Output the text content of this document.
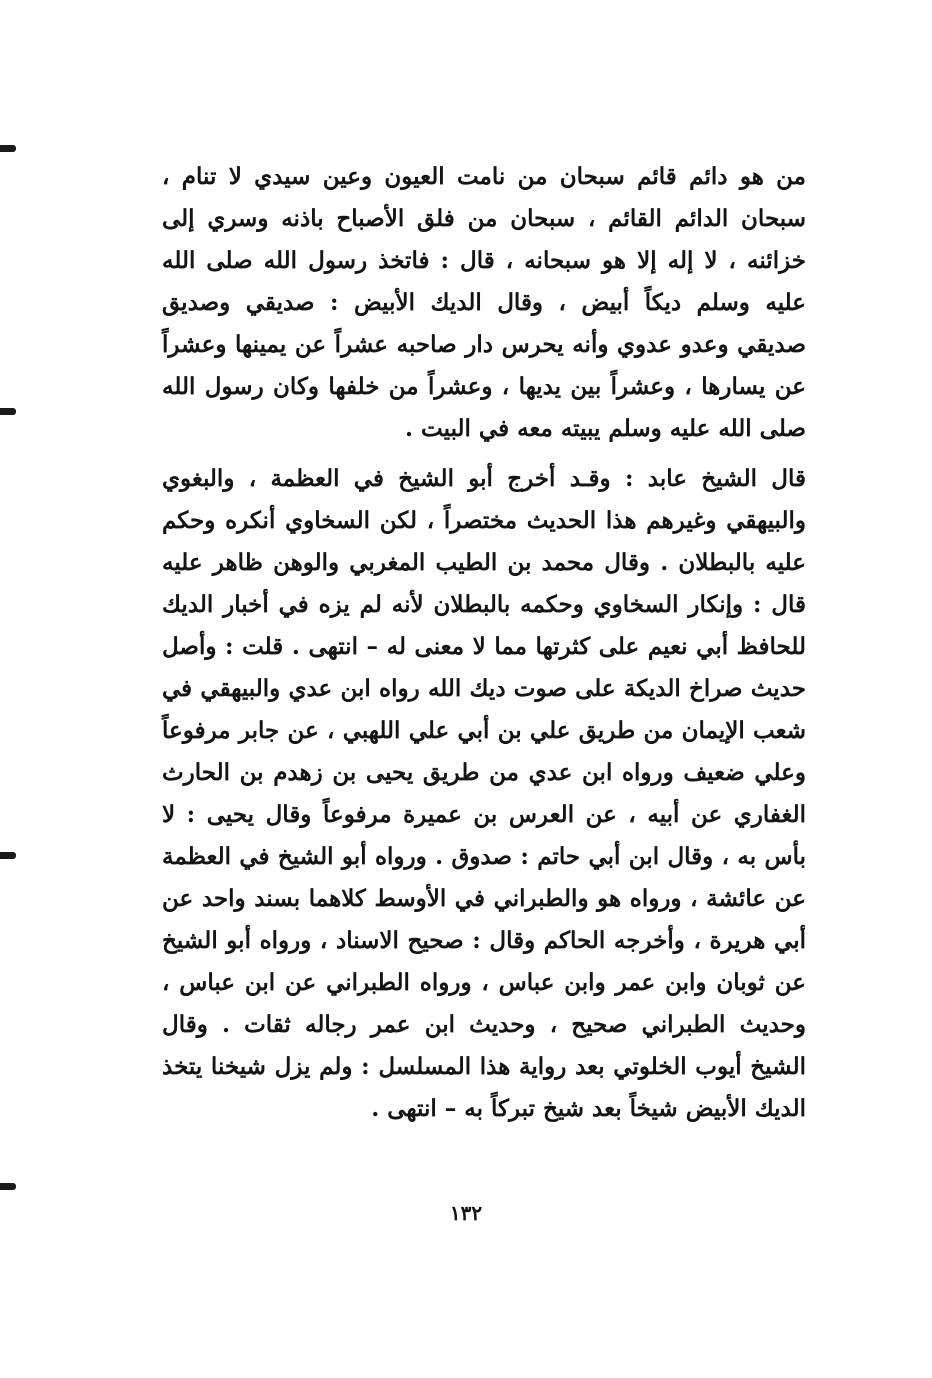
من هو دائم قائم سبحان من نامت العيون وعين سيدي لا تنام ، سبحان الدائم القائم ، سبحان من فلق الأصباح باذنه وسري إلى خزائنه ، لا إله إلا هو سبحانه ، قال : فاتخذ رسول الله صلى الله عليه وسلم ديكاً أبيض ، وقال الديك الأبيض : صديقي وصديق صديقي وعدو عدوي وأنه يحرس دار صاحبه عشراً عن يمينها وعشراً عن يسارها ، وعشراً بين يديها ، وعشراً من خلفها وكان رسول الله صلى الله عليه وسلم يبيته معه في البيت .

قال الشيخ عابد : وقـد أخرج أبو الشيخ في العظمة ، والبغوي والبيهقي وغيرهم هذا الحديث مختصراً ، لكن السخاوي أنكره وحكم عليه بالبطلان . وقال محمد بن الطيب المغربي والوهن ظاهر عليه قال : وإنكار السخاوي وحكمه بالبطلان لأنه لم يزه في أخبار الديك للحافظ أبي نعيم على كثرتها مما لا معنى له – انتهى . قلت : وأصل حديث صراخ الديكة على صوت ديك الله رواه ابن عدي والبيهقي في شعب الإيمان من طريق علي بن أبي علي اللهبي ، عن جابر مرفوعاً وعلي ضعيف ورواه ابن عدي من طريق يحيى بن زهدم بن الحارث الغفاري عن أبيه ، عن العرس بن عميرة مرفوعاً وقال يحيى : لا بأس به ، وقال ابن أبي حاتم : صدوق . ورواه أبو الشيخ في العظمة عن عائشة ، ورواه هو والطبراني في الأوسط كلاهما بسند واحد عن أبي هريرة ، وأخرجه الحاكم وقال : صحيح الاسناد ، ورواه أبو الشيخ عن ثوبان وابن عمر وابن عباس ، ورواه الطبراني عن ابن عباس ، وحديث الطبراني صحيح ، وحديث ابن عمر رجاله ثقات . وقال الشيخ أيوب الخلوتي بعد رواية هذا المسلسل : ولم يزل شيخنا يتخذ الديك الأبيض شيخاً بعد شيخ تبركاً به – انتهى .

١٣٢
